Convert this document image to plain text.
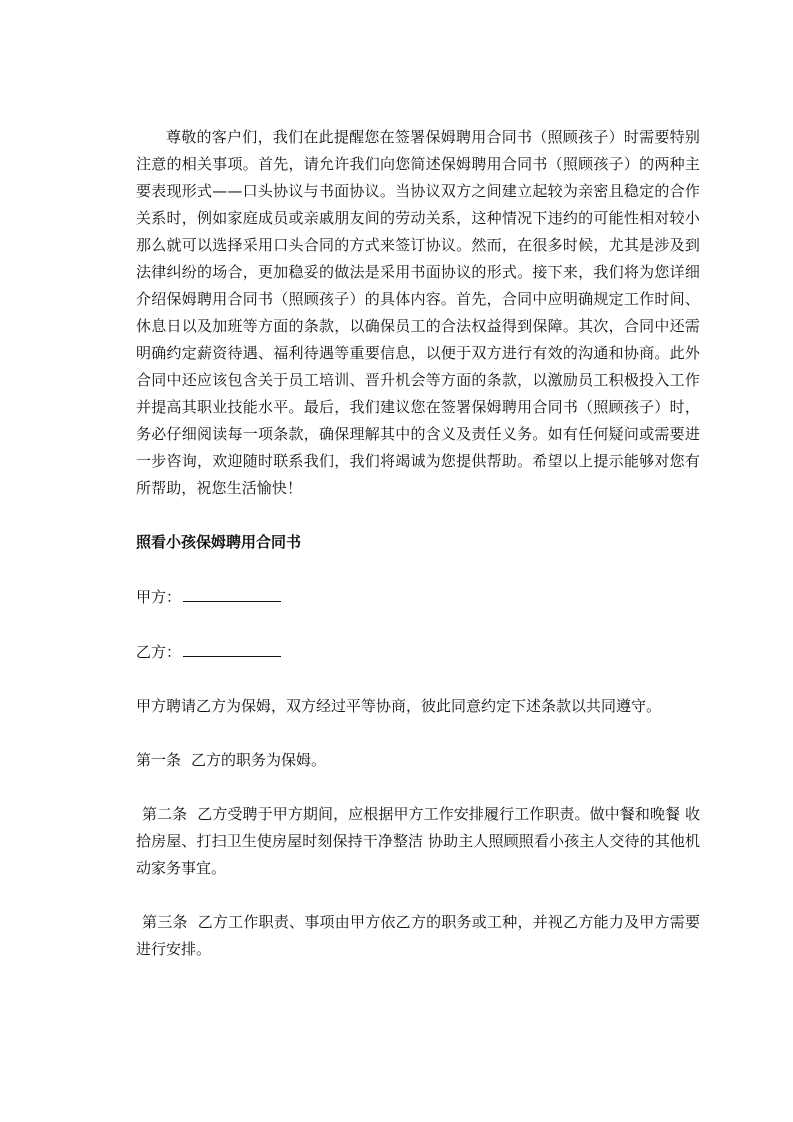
尊敬的客户们，我们在此提醒您在签署保姆聘用合同书（照顾孩子）时需要特别注意的相关事项。首先，请允许我们向您简述保姆聘用合同书（照顾孩子）的两种主要表现形式——口头协议与书面协议。当协议双方之间建立起较为亲密且稳定的合作关系时，例如家庭成员或亲戚朋友间的劳动关系，这种情况下违约的可能性相对较小那么就可以选择采用口头合同的方式来签订协议。然而，在很多时候，尤其是涉及到法律纠纷的场合，更加稳妥的做法是采用书面协议的形式。接下来，我们将为您详细介绍保姆聘用合同书（照顾孩子）的具体内容。首先，合同中应明确规定工作时间、休息日以及加班等方面的条款，以确保员工的合法权益得到保障。其次，合同中还需明确约定薪资待遇、福利待遇等重要信息，以便于双方进行有效的沟通和协商。此外合同中还应该包含关于员工培训、晋升机会等方面的条款，以激励员工积极投入工作并提高其职业技能水平。最后，我们建议您在签署保姆聘用合同书（照顾孩子）时，务必仔细阅读每一项条款，确保理解其中的含义及责任义务。如有任何疑问或需要进一步咨询，欢迎随时联系我们，我们将竭诚为您提供帮助。希望以上提示能够对您有所帮助，祝您生活愉快！

照看小孩保姆聘用合同书
甲方：
乙方：

甲方聘请乙方为保姆，双方经过平等协商，彼此同意约定下述条款以共同遵守。

第一条 乙方的职务为保姆。

第二条 乙方受聘于甲方期间，应根据甲方工作安排履行工作职责。做中餐和晚餐 收拾房屋、打扫卫生使房屋时刻保持干净整洁 协助主人照顾照看小孩主人交待的其他机动家务事宜。

第三条 乙方工作职责、事项由甲方依乙方的职务或工种，并视乙方能力及甲方需要进行安排。
